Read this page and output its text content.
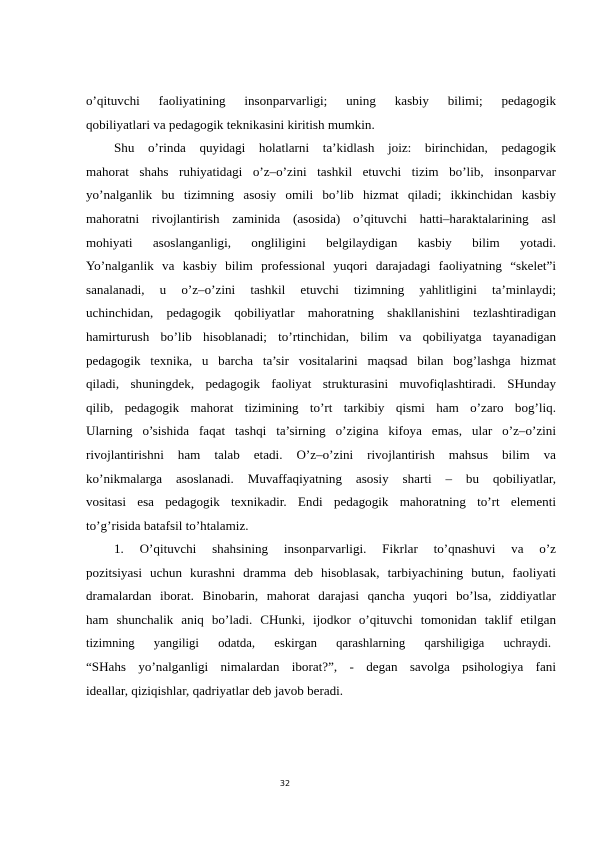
o’qituvchi faoliyatining insonparvarligi; uning kasbiy bilimi; pedagogik
qobiliyatlari va pedagogik teknikasini kiritish mumkin.
Shu o’rinda quyidagi holatlarni ta’kidlash joiz: birinchidan, pedagogik
mahorat shahs ruhiyatidagi o’z–o’zini tashkil etuvchi tizim bo’lib, insonparvar
yo’nalganlik bu tizimning asosiy omili bo’lib hizmat qiladi; ikkinchidan kasbiy
mahoratni rivojlantirish zaminida (asosida) o’qituvchi hatti–haraktalarining asl
mohiyati asoslanganligi, ongliligini belgilaydigan kasbiy bilim yotadi.
Yo’nalganlik va kasbiy bilim professional yuqori darajadagi faoliyatning “skelet”i
sanalanadi, u o’z–o’zini tashkil etuvchi tizimning yahlitligini ta’minlaydi;
uchinchidan, pedagogik qobiliyatlar mahoratning shakllanishini tezlashtiradigan
hamirturush bo’lib hisoblanadi; to’rtinchidan, bilim va qobiliyatga tayanadigan
pedagogik texnika, u barcha ta’sir vositalarini maqsad bilan bog’lashga hizmat
qiladi, shuningdek, pedagogik faoliyat strukturasini muvofiqlashtiradi. SHunday
qilib, pedagogik mahorat tizimining to’rt tarkibiy qismi ham o’zaro bog’liq.
Ularning o’sishida faqat tashqi ta’sirning o’zigina kifoya emas, ular o’z–o’zini
rivojlantirishni ham talab etadi. O’z–o’zini rivojlantirish mahsus bilim va
ko’nikmalarga asoslanadi. Muvaffaqiyatning asosiy sharti – bu qobiliyatlar,
vositasi esa pedagogik texnikadir. Endi pedagogik mahoratning to’rt elementi
to’g’risida batafsil to’htalamiz.
1. O’qituvchi shahsining insonparvarligi. Fikrlar to’qnashuvi va o’z
pozitsiyasi uchun kurashni dramma deb hisoblasak, tarbiyachining butun, faoliyati
dramalardan iborat. Binobarin, mahorat darajasi qancha yuqori bo’lsa, ziddiyatlar
ham shunchalik aniq bo’ladi. CHunki, ijodkor o’qituvchi tomonidan taklif etilgan
tizimning yangiligi odatda, eskirgan qarashlarning qarshiligiga uchraydi.
“SHahs yo’nalganligi nimalardan iborat?”, - degan savolga psihologiya fani
ideallar, qiziqishlar, qadriyatlar deb javob beradi.
32
